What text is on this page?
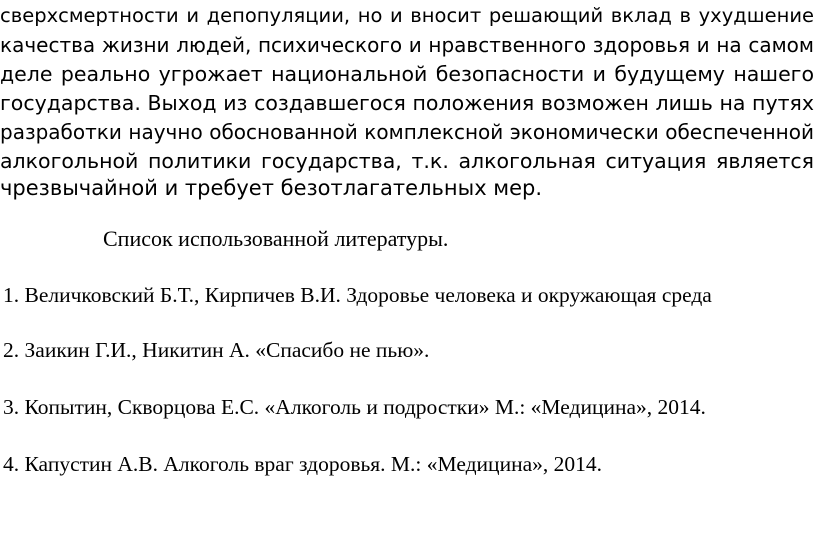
сверхсмертности и депопуляции, но и вносит решающий вклад в ухудшение
качества жизни людей, психического и нравственного здоровья и на самом
деле реально угрожает национальной безопасности и будущему нашего
государства. Выход из создавшегося положения возможен лишь на путях
разработки научно обоснованной комплексной экономически обеспеченной
алкогольной политики государства, т.к. алкогольная ситуация является
чрезвычайной и требует безотлагательных мер.
Список использованной литературы.
1. Величковский Б.Т., Кирпичев В.И. Здоровье человека и окружающая среда
2. Заикин Г.И., Никитин А. «Спасибо не пью».
3. Копытин, Скворцова Е.С. «Алкоголь и подростки» М.: «Медицина», 2014.
4. Капустин А.В. Алкоголь враг здоровья. М.: «Медицина», 2014.
